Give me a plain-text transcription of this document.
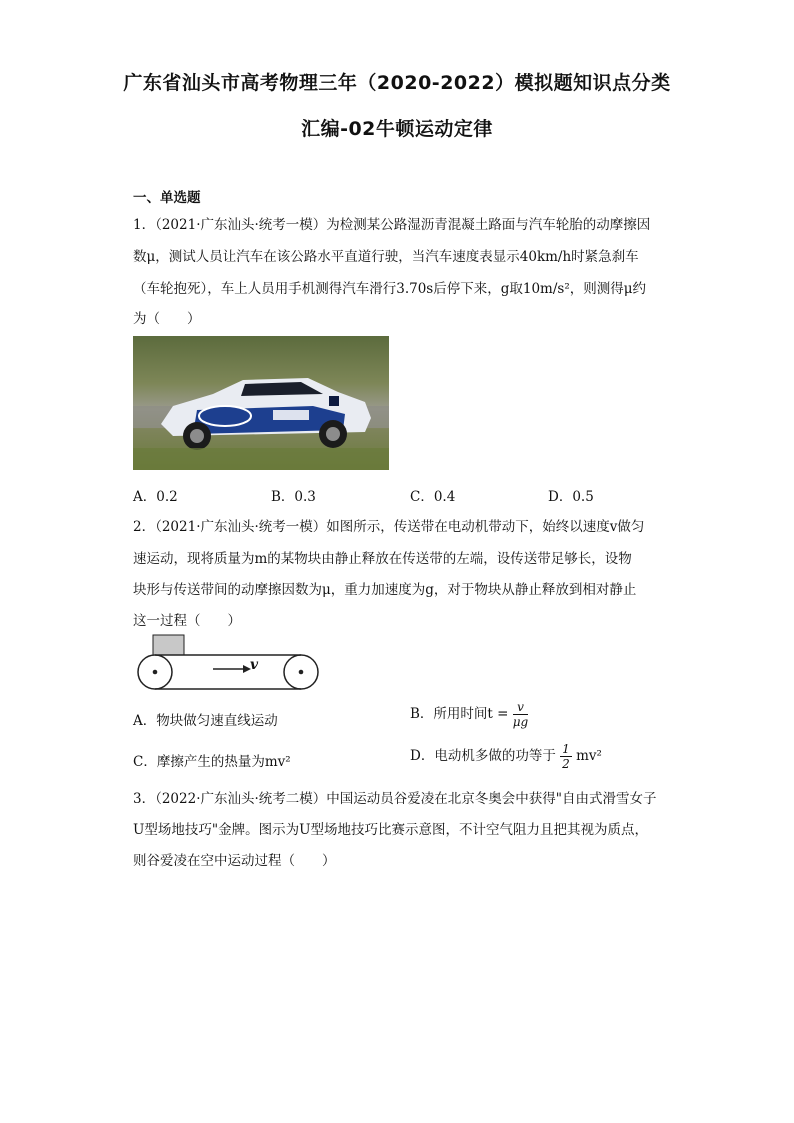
广东省汕头市高考物理三年（2020-2022）模拟题知识点分类
汇编-02牛顿运动定律
一、单选题
1．（2021·广东汕头·统考一模）为检测某公路湿沥青混凝土路面与汽车轮胎的动摩擦因
数μ，测试人员让汽车在该公路水平直道行驶，当汽车速度表显示40km/h时紧急刹车
（车轮抱死），车上人员用手机测得汽车滑行3.70s后停下来，g取10m/s²，则测得μ约
为（　　）
A．0.2	B．0.3	C．0.4	D．0.5
2．（2021·广东汕头·统考一模）如图所示，传送带在电动机带动下，始终以速度v做匀
速运动，现将质量为m的某物块由静止释放在传送带的左端，设传送带足够长，设物
块形与传送带间的动摩擦因数为μ，重力加速度为g，对于物块从静止释放到相对静止
这一过程（　　）
v
A．物块做匀速直线运动	B．所用时间$t = \frac{v}{\mu g}$
C．摩擦产生的热量为mv²	D．电动机多做的功等于 $\frac{1}{2} mv^2$
3．（2022·广东汕头·统考二模）中国运动员谷爱凌在北京冬奥会中获得"自由式滑雪女子
U型场地技巧"金牌。图示为U型场地技巧比赛示意图，不计空气阻力且把其视为质点，
则谷爱凌在空中运动过程（　　）
